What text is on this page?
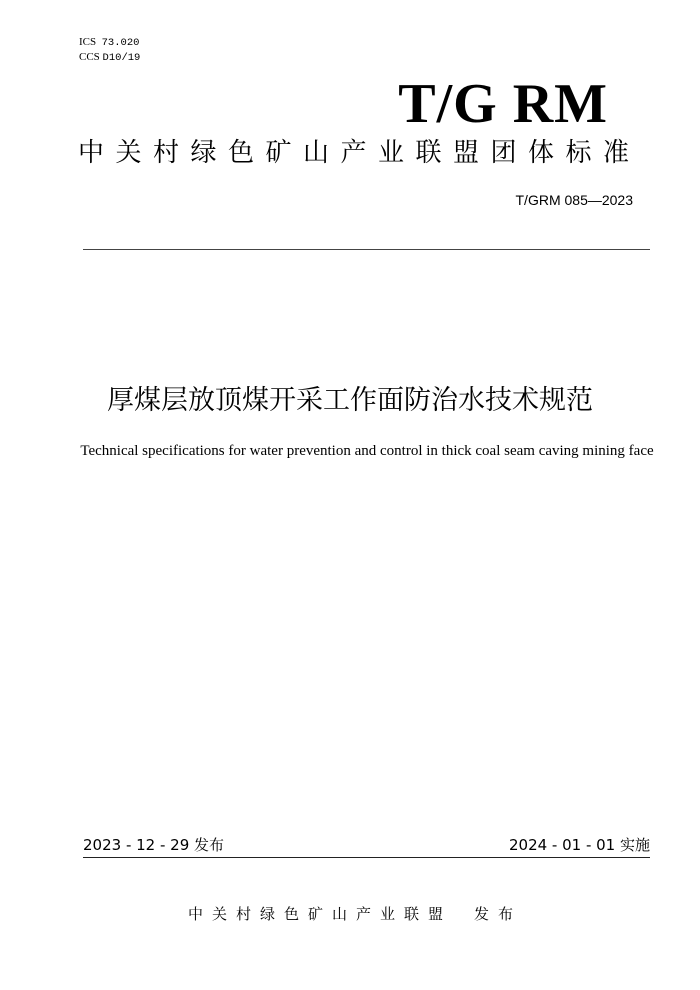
ICS 73.020
CCS D10/19
T/G RM
中关村绿色矿山产业联盟团体标准
T/GRM 085—2023
厚煤层放顶煤开采工作面防治水技术规范
Technical specifications for water prevention and control in thick coal seam caving mining face
2023 - 12 - 29 发布	2024 - 01 - 01 实施
中关村绿色矿山产业联盟 发布
